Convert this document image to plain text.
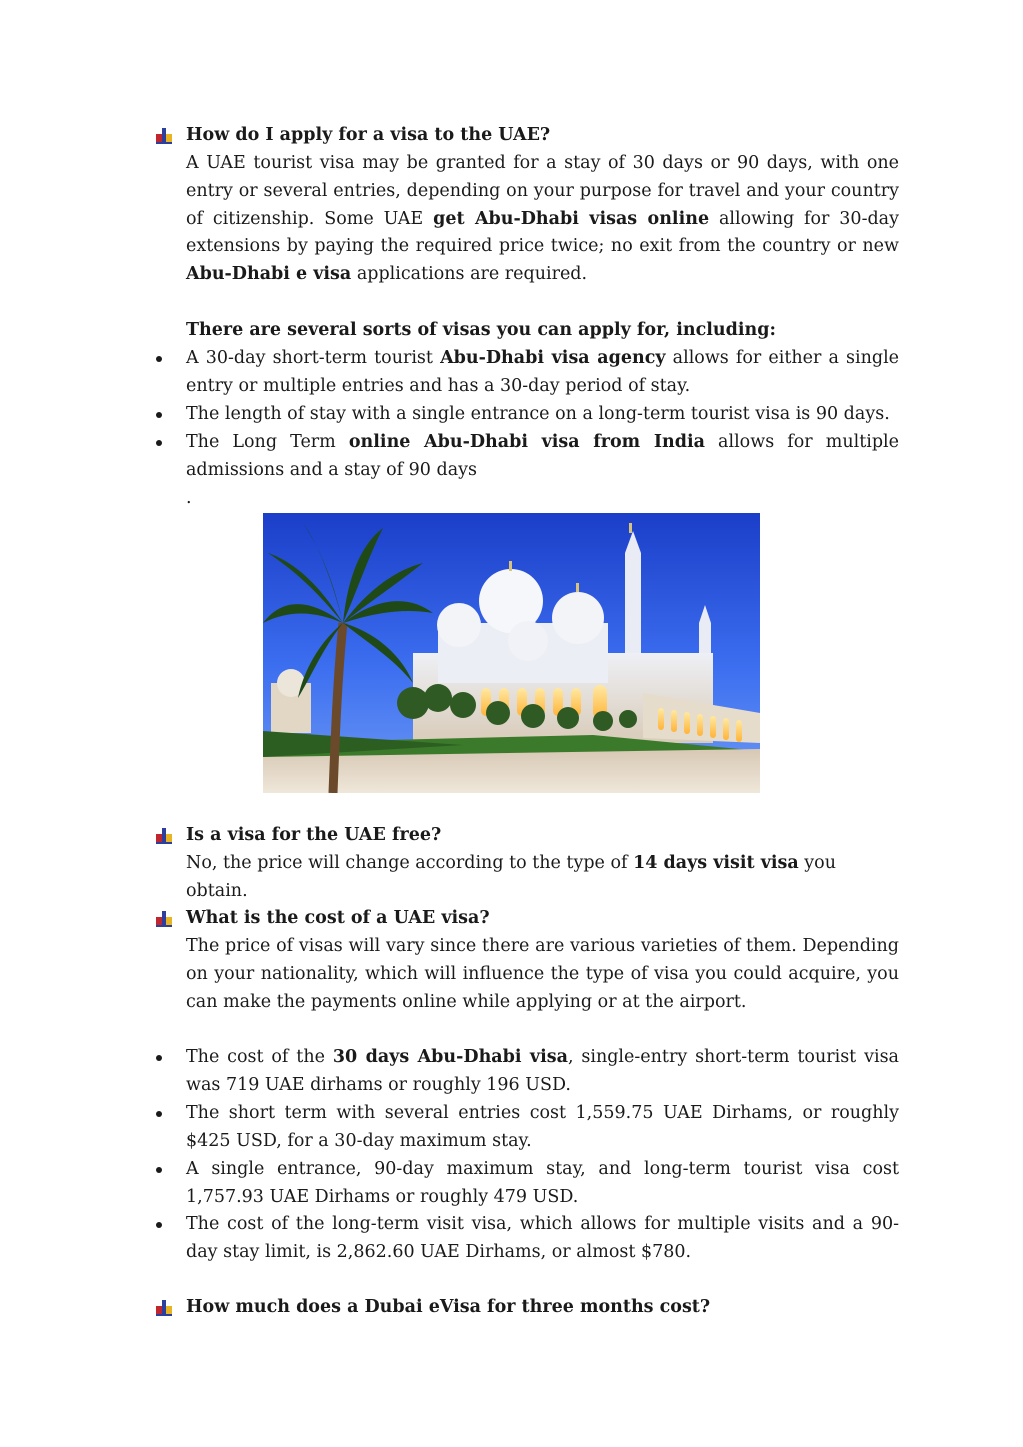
How do I apply for a visa to the UAE?
A UAE tourist visa may be granted for a stay of 30 days or 90 days, with one entry or several entries, depending on your purpose for travel and your country of citizenship. Some UAE get Abu-Dhabi visas online allowing for 30-day extensions by paying the required price twice; no exit from the country or new Abu-Dhabi e visa applications are required.
There are several sorts of visas you can apply for, including:
A 30-day short-term tourist Abu-Dhabi visa agency allows for either a single entry or multiple entries and has a 30-day period of stay.
The length of stay with a single entrance on a long-term tourist visa is 90 days.
The Long Term online Abu-Dhabi visa from India allows for multiple admissions and a stay of 90 days
.
Is a visa for the UAE free?
No, the price will change according to the type of 14 days visit visa you obtain.
What is the cost of a UAE visa?
The price of visas will vary since there are various varieties of them. Depending on your nationality, which will influence the type of visa you could acquire, you can make the payments online while applying or at the airport.
The cost of the 30 days Abu-Dhabi visa, single-entry short-term tourist visa was 719 UAE dirhams or roughly 196 USD.
The short term with several entries cost 1,559.75 UAE Dirhams, or roughly $425 USD, for a 30-day maximum stay.
A single entrance, 90-day maximum stay, and long-term tourist visa cost 1,757.93 UAE Dirhams or roughly 479 USD.
The cost of the long-term visit visa, which allows for multiple visits and a 90-day stay limit, is 2,862.60 UAE Dirhams, or almost $780.
How much does a Dubai eVisa for three months cost?
